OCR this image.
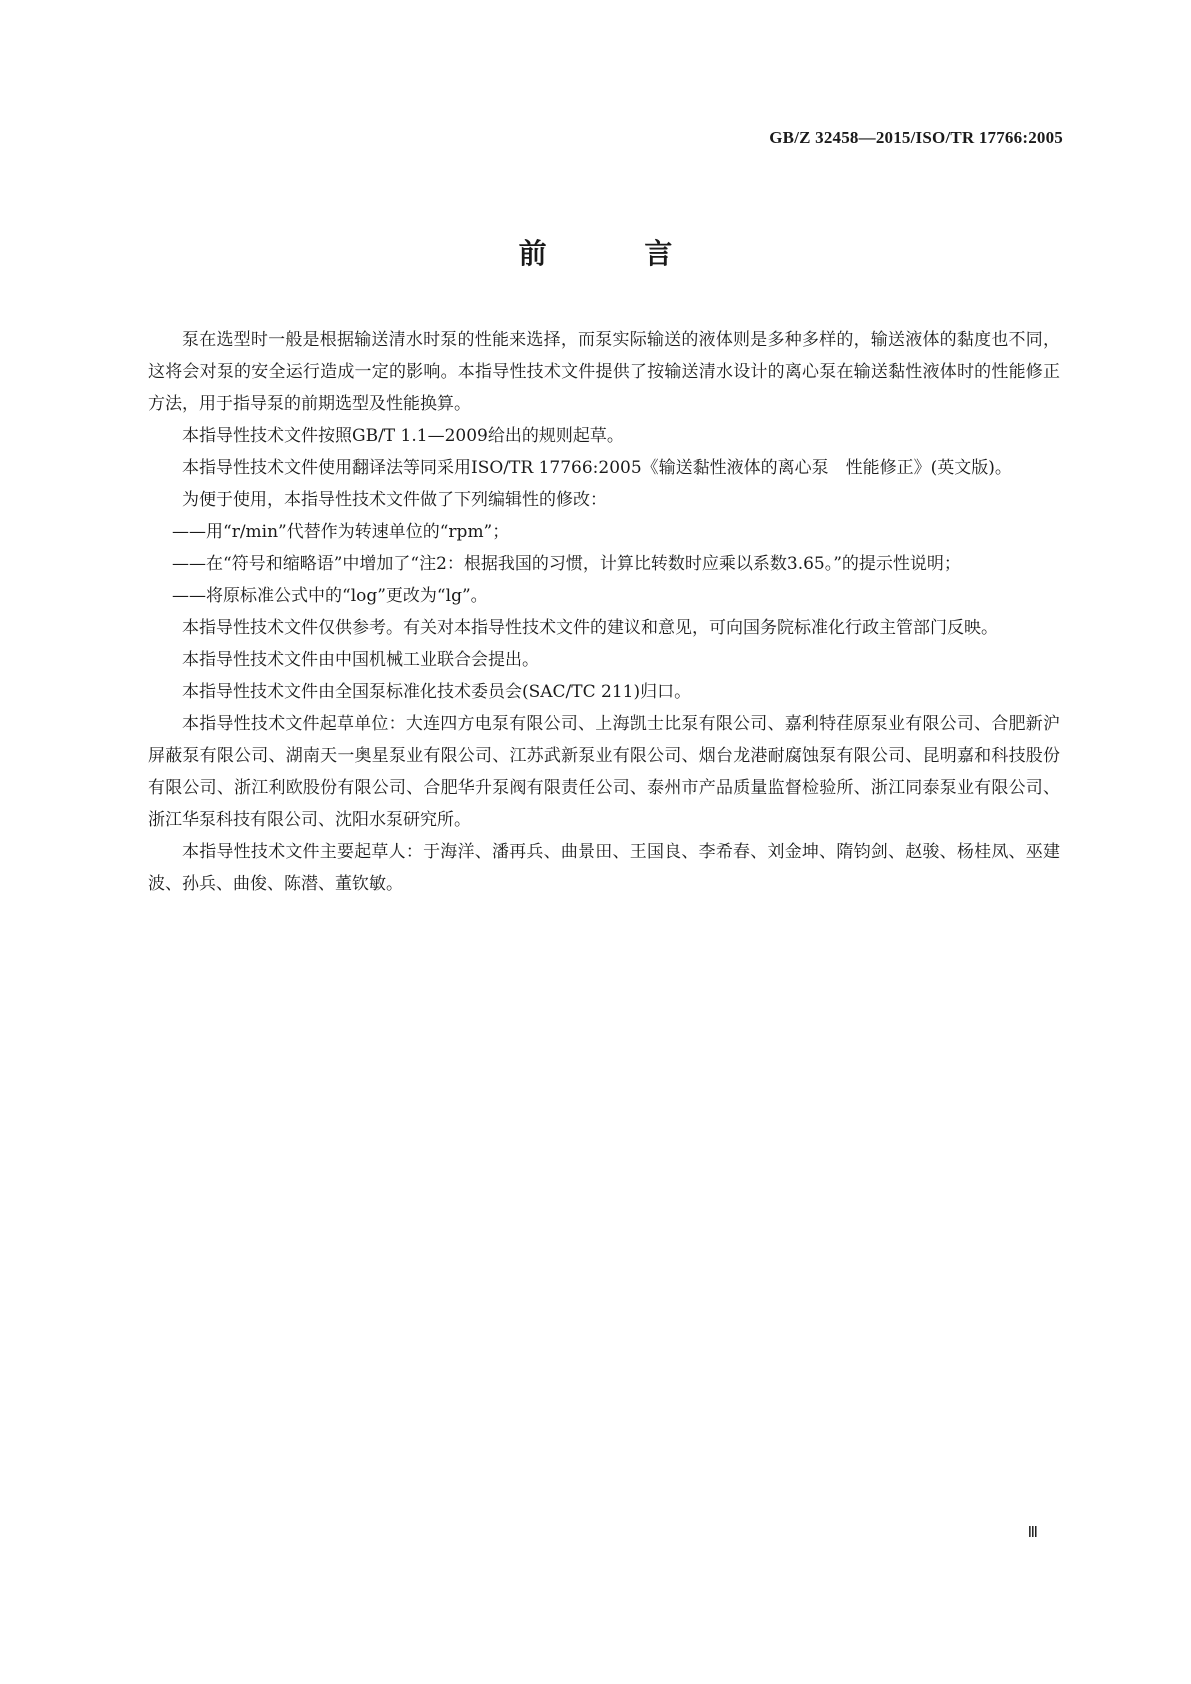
GB/Z 32458—2015/ISO/TR 17766:2005
前 言

泵在选型时一般是根据输送清水时泵的性能来选择，而泵实际输送的液体则是多种多样的，输送液体的黏度也不同，这将会对泵的安全运行造成一定的影响。本指导性技术文件提供了按输送清水设计的离心泵在输送黏性液体时的性能修正方法，用于指导泵的前期选型及性能换算。

本指导性技术文件按照GB/T 1.1—2009给出的规则起草。

本指导性技术文件使用翻译法等同采用ISO/TR 17766:2005《输送黏性液体的离心泵　性能修正》(英文版)。

为便于使用，本指导性技术文件做了下列编辑性的修改：

——用“r/min”代替作为转速单位的“rpm”；

——在“符号和缩略语”中增加了“注2：根据我国的习惯，计算比转数时应乘以系数3.65。”的提示性说明；

——将原标准公式中的“log”更改为“lg”。

本指导性技术文件仅供参考。有关对本指导性技术文件的建议和意见，可向国务院标准化行政主管部门反映。

本指导性技术文件由中国机械工业联合会提出。

本指导性技术文件由全国泵标准化技术委员会(SAC/TC 211)归口。

本指导性技术文件起草单位：大连四方电泵有限公司、上海凯士比泵有限公司、嘉利特荏原泵业有限公司、合肥新沪屏蔽泵有限公司、湖南天一奥星泵业有限公司、江苏武新泵业有限公司、烟台龙港耐腐蚀泵有限公司、昆明嘉和科技股份有限公司、浙江利欧股份有限公司、合肥华升泵阀有限责任公司、泰州市产品质量监督检验所、浙江同泰泵业有限公司、浙江华泵科技有限公司、沈阳水泵研究所。

本指导性技术文件主要起草人：于海洋、潘再兵、曲景田、王国良、李希春、刘金坤、隋钧剑、赵骏、杨桂凤、巫建波、孙兵、曲俊、陈潜、董钦敏。

Ⅲ
